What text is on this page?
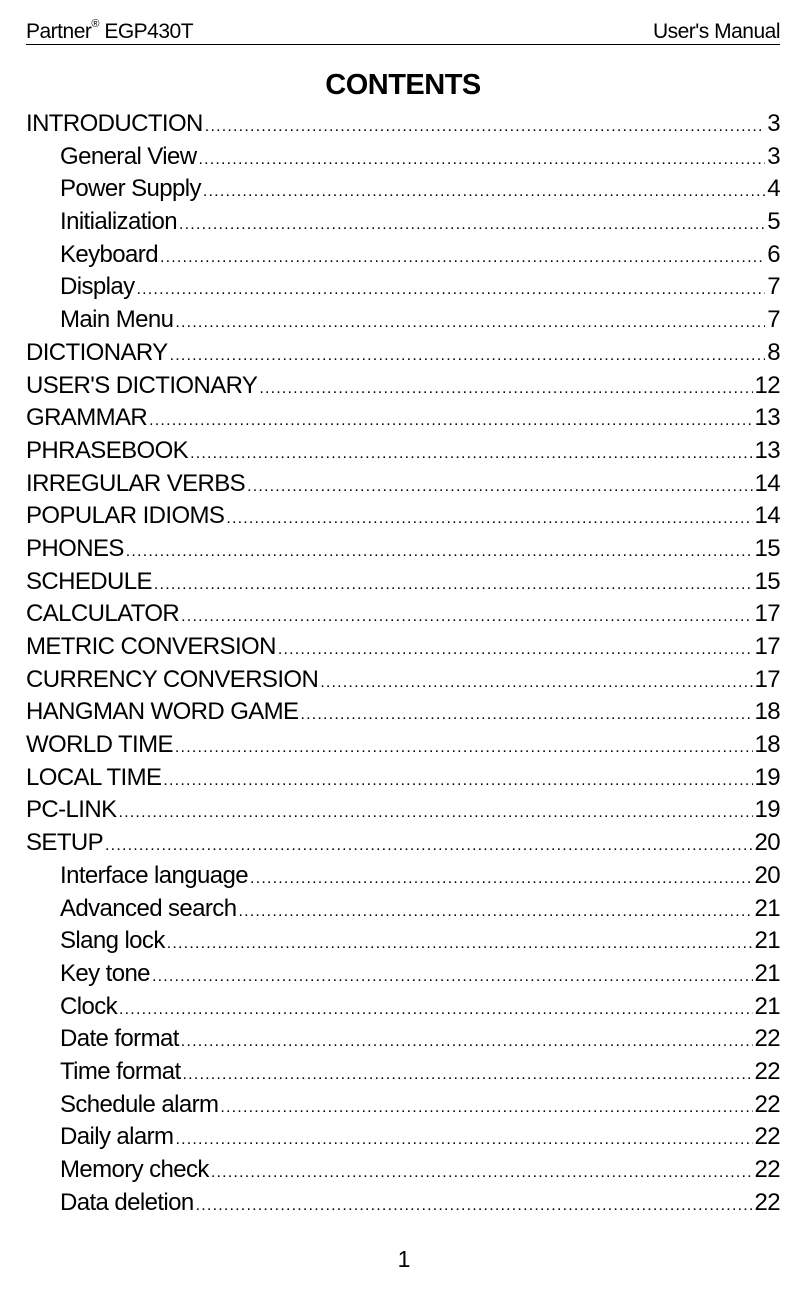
Partner® EGP430T	User's Manual
CONTENTS
INTRODUCTION .....	3
General View .....	3
Power Supply .....	4
Initialization .....	5
Keyboard .....	6
Display .....	7
Main Menu .....	7
DICTIONARY .....	8
USER'S DICTIONARY .....	12
GRAMMAR .....	13
PHRASEBOOK .....	13
IRREGULAR VERBS .....	14
POPULAR IDIOMS .....	14
PHONES .....	15
SCHEDULE .....	15
CALCULATOR .....	17
METRIC CONVERSION .....	17
CURRENCY CONVERSION .....	17
HANGMAN WORD GAME .....	18
WORLD TIME .....	18
LOCAL TIME .....	19
PC-LINK .....	19
SETUP .....	20
Interface language .....	20
Advanced search .....	21
Slang lock .....	21
Key tone .....	21
Clock .....	21
Date format .....	22
Time format .....	22
Schedule alarm .....	22
Daily alarm .....	22
Memory check .....	22
Data deletion .....	22
1
